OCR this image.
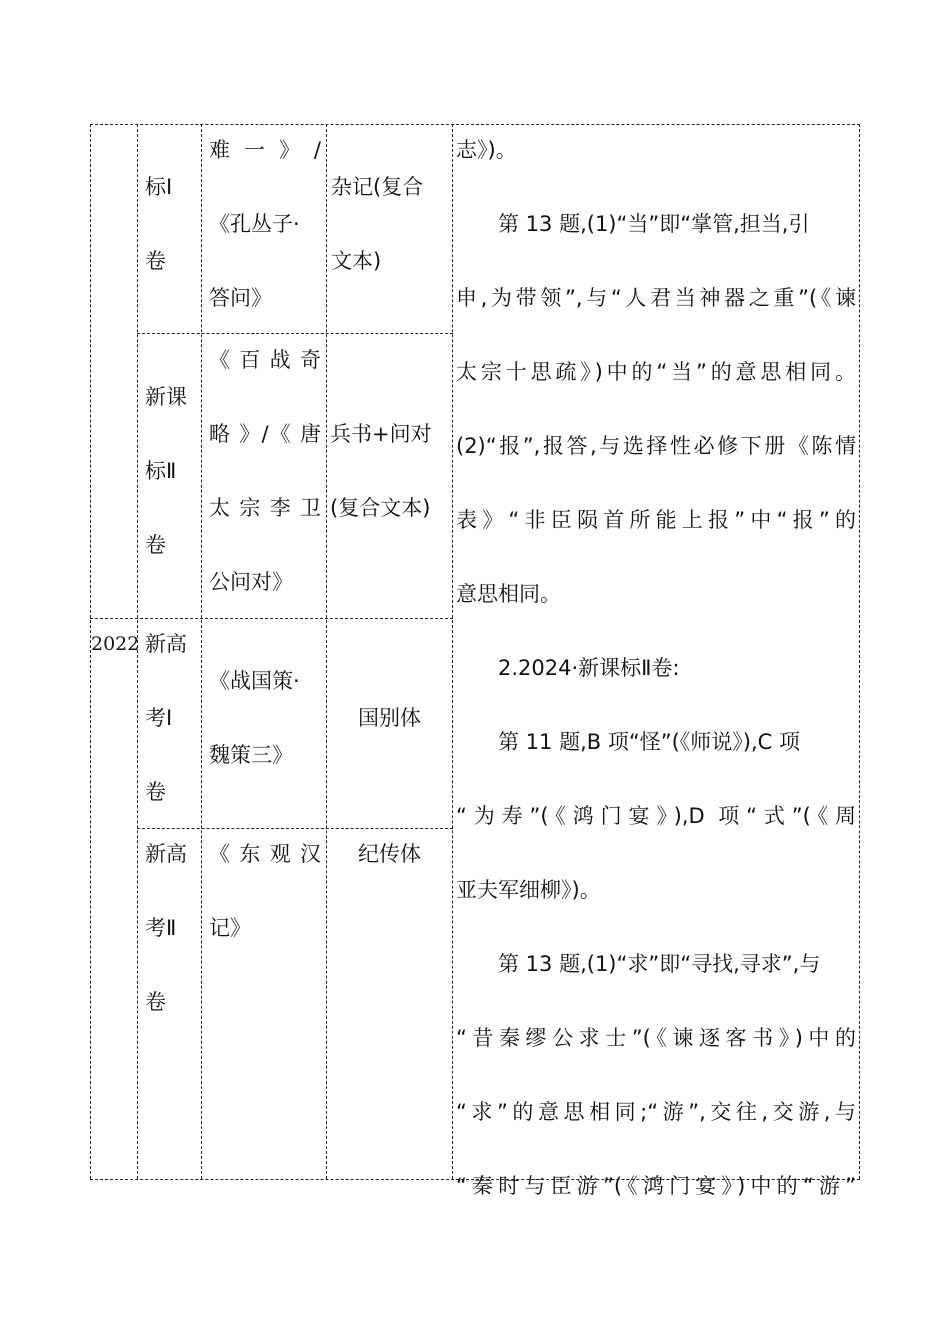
标Ⅰ
卷
难 一 》 /
《孔丛子·
答问》
杂记(复合
文本)
新课
标Ⅱ
卷
《 百 战 奇
略 》/《 唐
太 宗 李 卫
公问对》
兵书+问对
(复合文本)
2022 新高
考Ⅰ
卷
《战国策·
魏策三》
国别体
新高
考Ⅱ
卷
《 东 观 汉
记》
纪传体
志》)。
第 13 题,(1)“当”即“掌管,担当,引
申,为带领”,与“人君当神器之重”(《谏
太宗十思疏》)中的“当”的意思相同。
(2)“报”,报答,与选择性必修下册《陈情
表》“非臣陨首所能上报”中“报”的
意思相同。
2.2024·新课标Ⅱ卷:
第 11 题,B 项“怪”(《师说》),C 项
“为寿”(《鸿门宴》),D 项“式”(《周
亚夫军细柳》)。
第 13 题,(1)“求”即“寻找,寻求”,与
“昔秦缪公求士”(《谏逐客书》)中的
“求”的意思相同;“游”,交往,交游,与
“秦时与臣游”(《鸿门宴》)中的“游”
